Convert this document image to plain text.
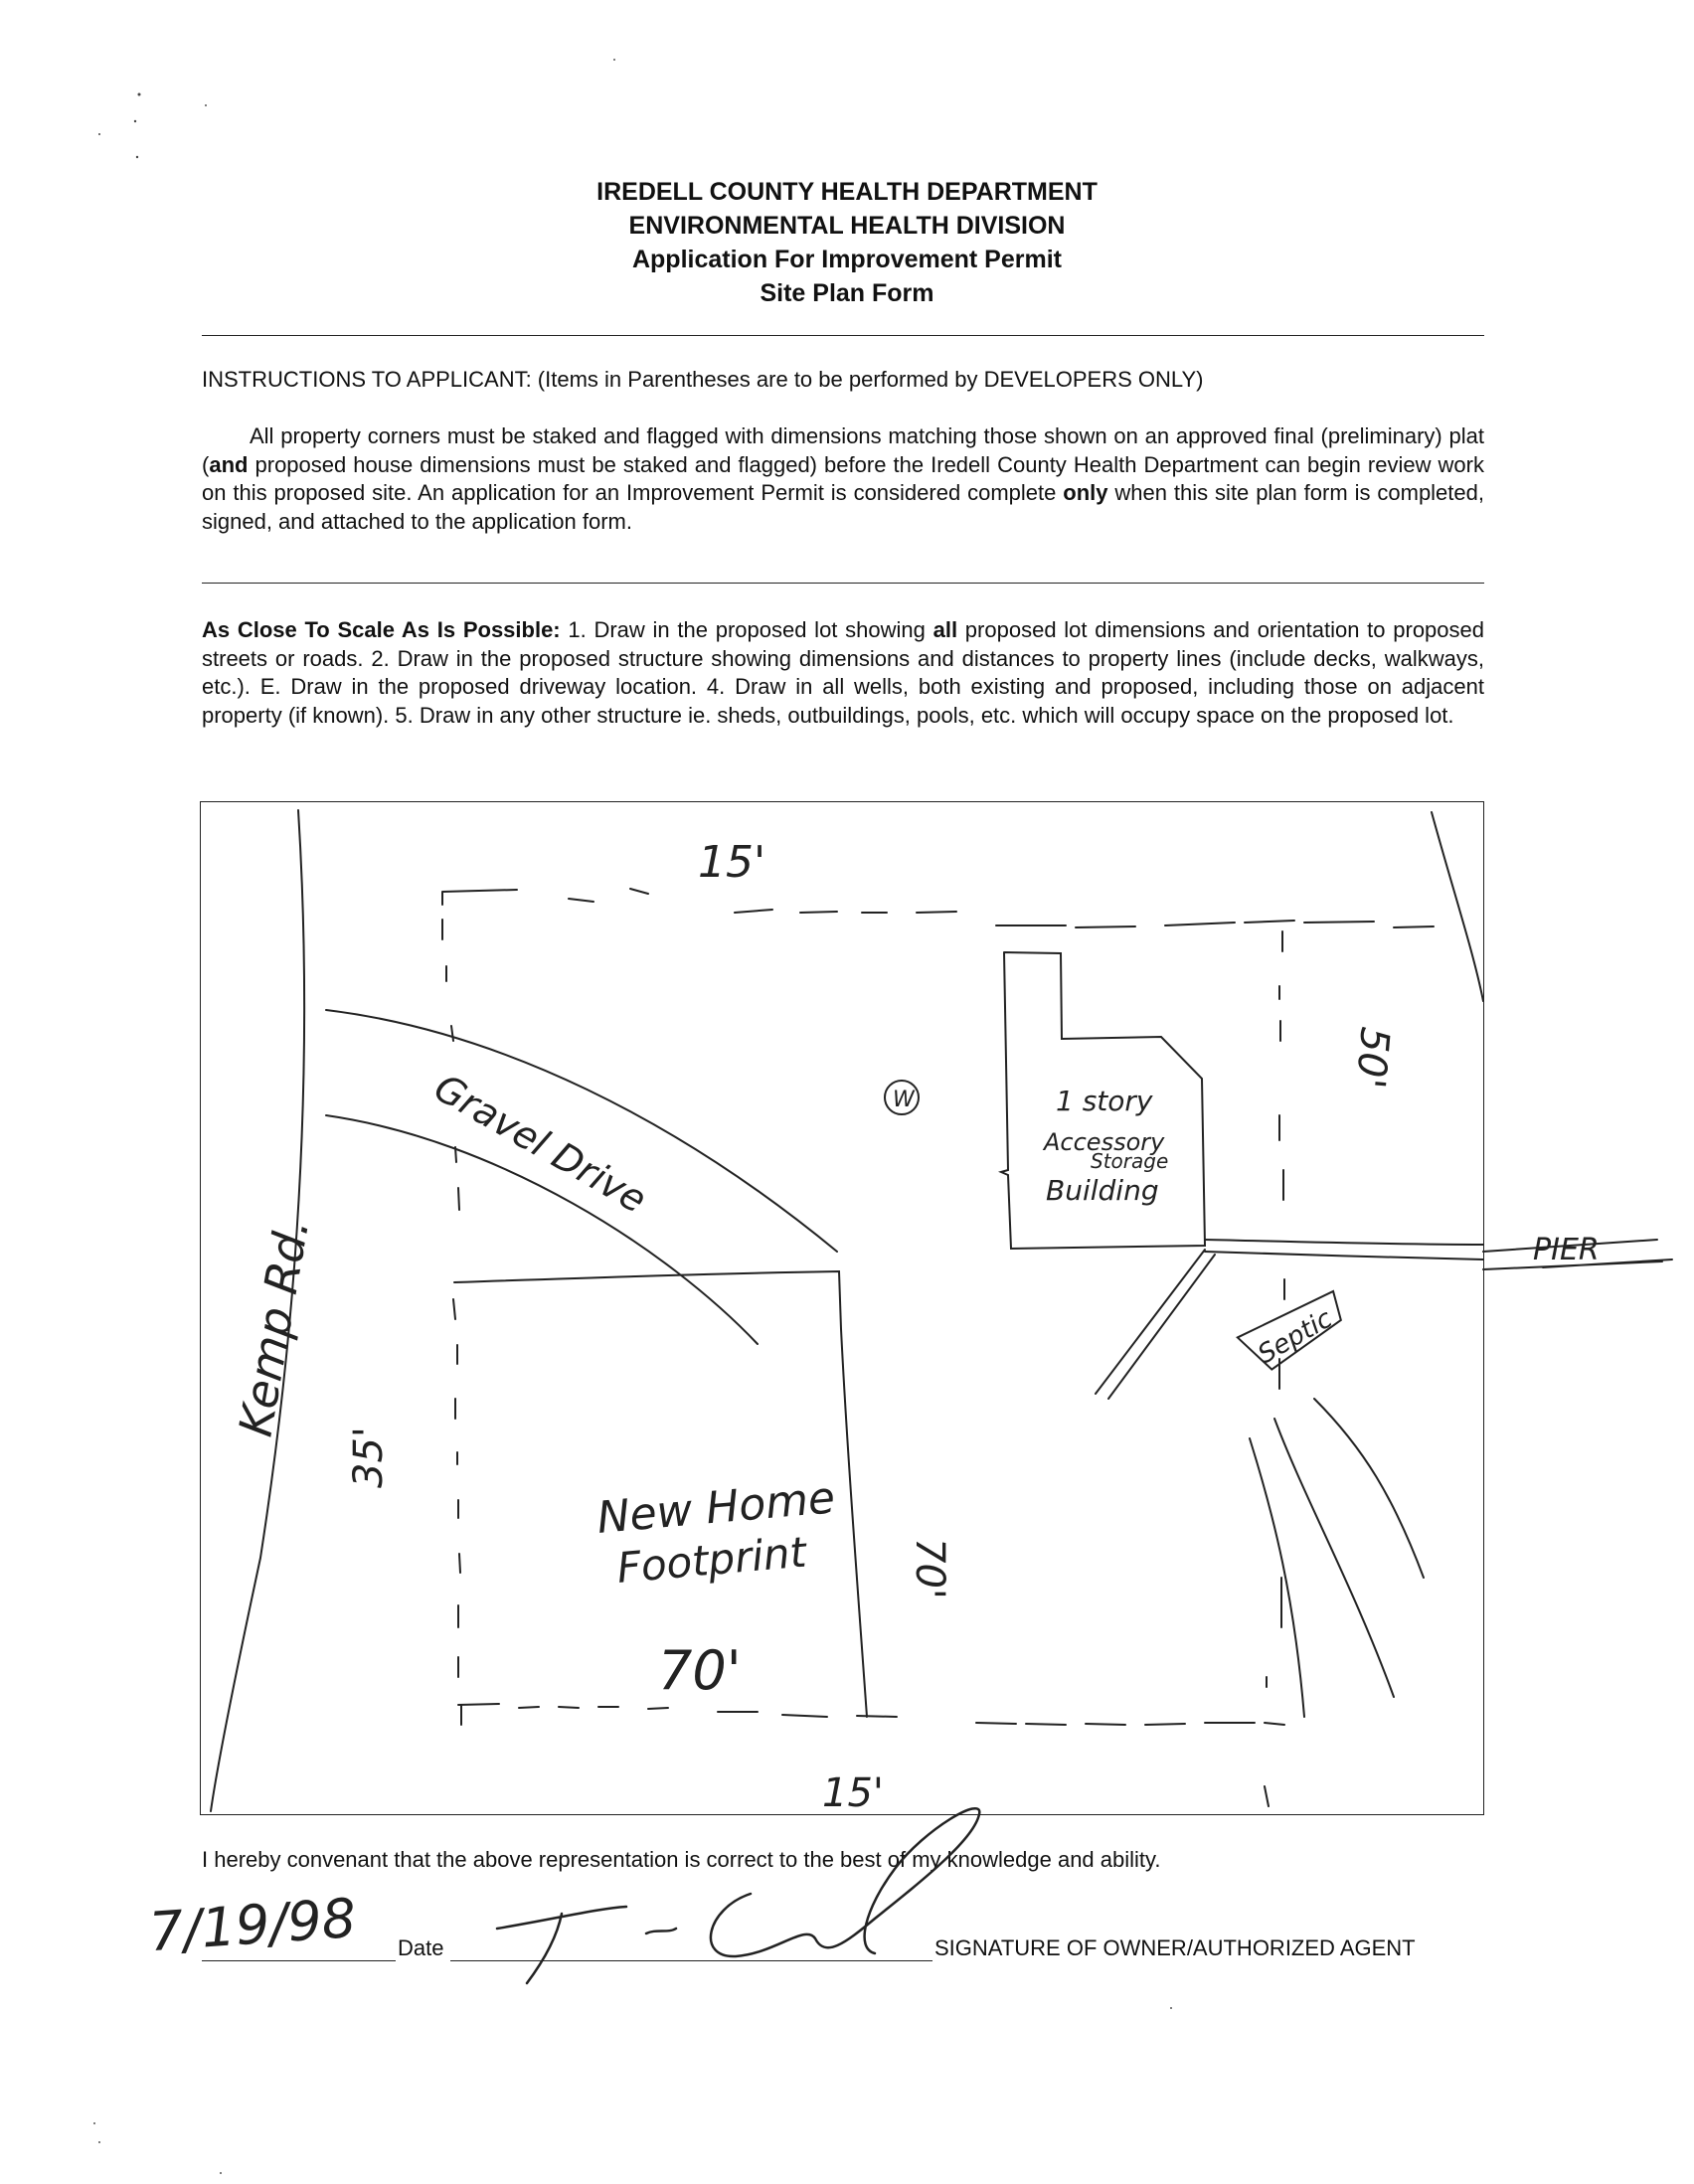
IREDELL COUNTY HEALTH DEPARTMENT
ENVIRONMENTAL HEALTH DIVISION
Application For Improvement Permit
Site Plan Form
INSTRUCTIONS TO APPLICANT: (Items in Parentheses are to be performed by DEVELOPERS ONLY)
All property corners must be staked and flagged with dimensions matching those shown on an approved final (preliminary) plat (and proposed house dimensions must be staked and flagged) before the Iredell County Health Department can begin review work on this proposed site. An application for an Improvement Permit is considered complete only when this site plan form is completed, signed, and attached to the application form.
As Close To Scale As Is Possible: 1. Draw in the proposed lot showing all proposed lot dimensions and orientation to proposed streets or roads. 2. Draw in the proposed structure showing dimensions and distances to property lines (include decks, walkways, etc.). E. Draw in the proposed driveway location. 4. Draw in all wells, both existing and proposed, including those on adjacent property (if known). 5. Draw in any other structure ie. sheds, outbuildings, pools, etc. which will occupy space on the proposed lot.
W
Kemp Rd.
Gravel Drive
15'
15'
35'
70'
70'
50'
New Home
Footprint
1 story
Accessory
Storage
Building
Septic
PIER
I hereby convenant that the above representation is correct to the best of my knowledge and ability.
7/19/98 Date	SIGNATURE OF OWNER/AUTHORIZED AGENT
